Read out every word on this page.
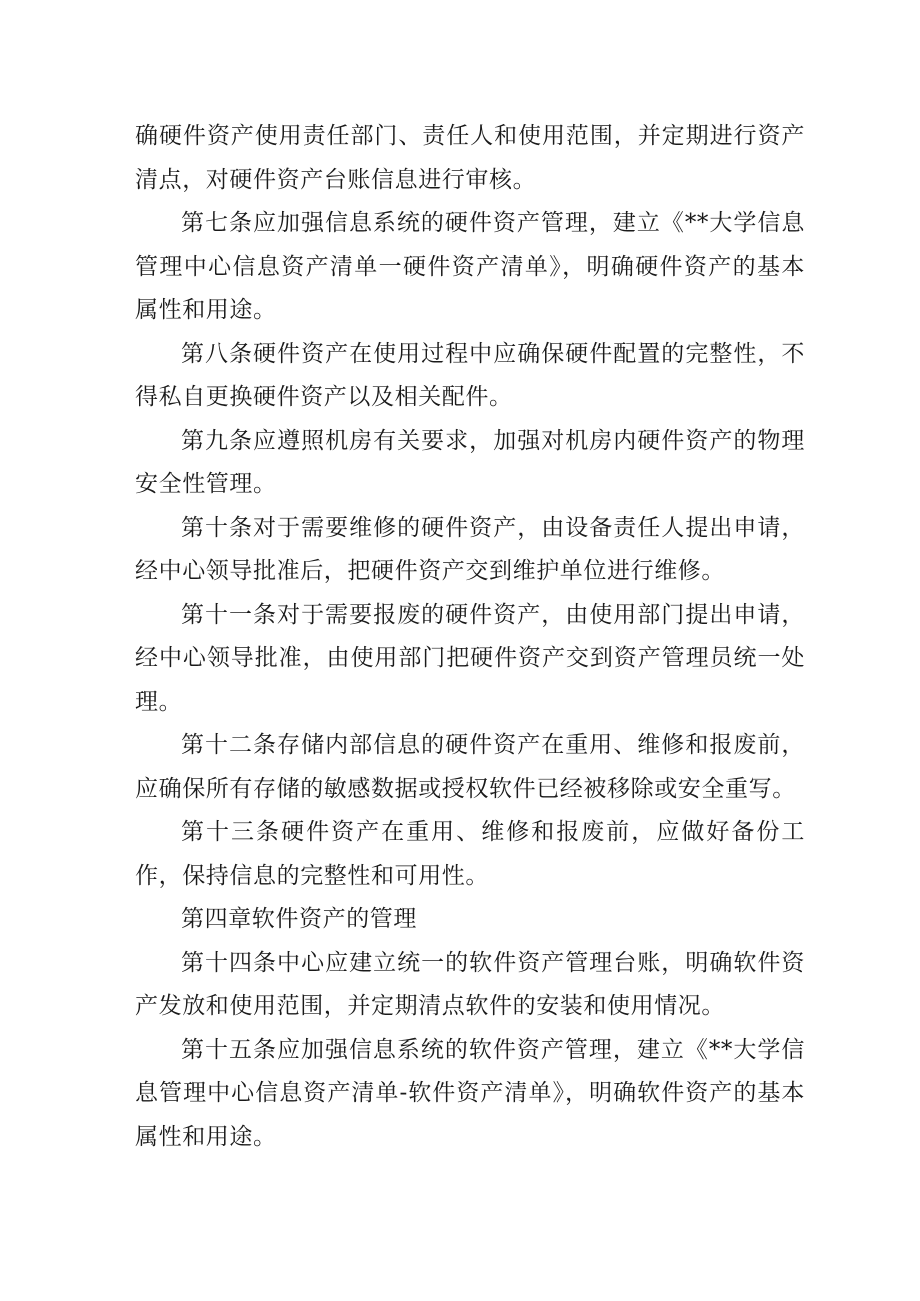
确硬件资产使用责任部门、责任人和使用范围，并定期进行资产清点，对硬件资产台账信息进行审核。

第七条应加强信息系统的硬件资产管理，建立《**大学信息管理中心信息资产清单一硬件资产清单》，明确硬件资产的基本属性和用途。

第八条硬件资产在使用过程中应确保硬件配置的完整性，不得私自更换硬件资产以及相关配件。

第九条应遵照机房有关要求，加强对机房内硬件资产的物理安全性管理。

第十条对于需要维修的硬件资产，由设备责任人提出申请，经中心领导批准后，把硬件资产交到维护单位进行维修。

第十一条对于需要报废的硬件资产，由使用部门提出申请，经中心领导批准，由使用部门把硬件资产交到资产管理员统一处理。

第十二条存储内部信息的硬件资产在重用、维修和报废前，应确保所有存储的敏感数据或授权软件已经被移除或安全重写。

第十三条硬件资产在重用、维修和报废前，应做好备份工作，保持信息的完整性和可用性。

第四章软件资产的管理

第十四条中心应建立统一的软件资产管理台账，明确软件资产发放和使用范围，并定期清点软件的安装和使用情况。

第十五条应加强信息系统的软件资产管理，建立《**大学信息管理中心信息资产清单-软件资产清单》，明确软件资产的基本属性和用途。
